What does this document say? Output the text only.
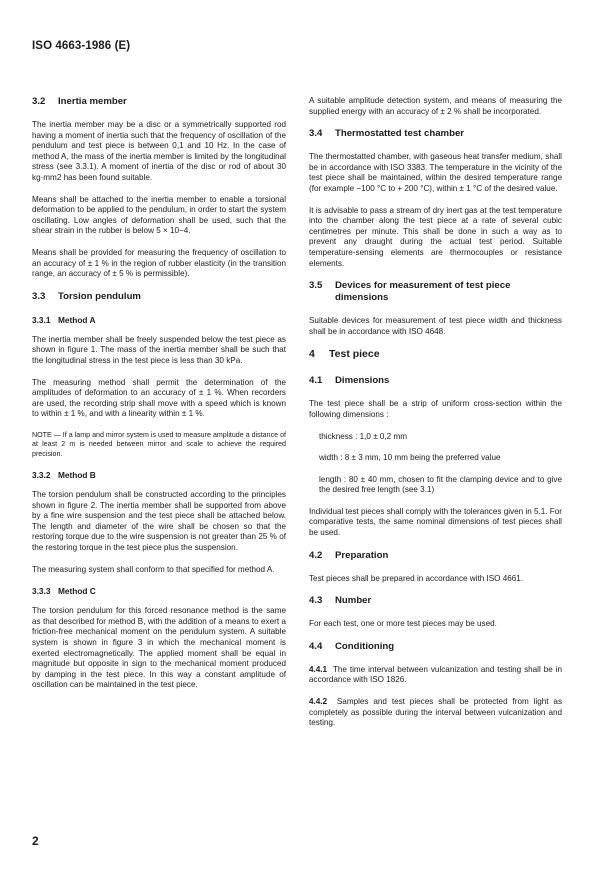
ISO 4663-1986 (E)
3.2 Inertia member

The inertia member may be a disc or a symmetrically supported rod having a moment of inertia such that the frequency of oscillation of the pendulum and test piece is between 0,1 and 10 Hz. In the case of method A, the mass of the inertia member is limited by the longitudinal stress (see 3.3.1). A moment of inertia of the disc or rod of about 30 kg·mm2 has been found suitable.

Means shall be attached to the inertia member to enable a torsional deformation to be applied to the pendulum, in order to start the system oscillating. Low angles of deformation shall be used, such that the shear strain in the rubber is below 5 × 10−4.

Means shall be provided for measuring the frequency of oscillation to an accuracy of ± 1 % in the region of rubber elasticity (in the transition range, an accuracy of ± 5 % is permissible).

3.3 Torsion pendulum
3.3.1 Method A

The inertia member shall be freely suspended below the test piece as shown in figure 1. The mass of the inertia member shall be such that the longitudinal stress in the test piece is less than 30 kPa.

The measuring method shall permit the determination of the amplitudes of deformation to an accuracy of ± 1 %. When recorders are used, the recording strip shall move with a speed which is known to within ± 1 %, and with a linearity within ± 1 %.

NOTE — If a lamp and mirror system is used to measure amplitude a distance of at least 2 m is needed between mirror and scale to achieve the required precision.

3.3.2 Method B

The torsion pendulum shall be constructed according to the principles shown in figure 2. The inertia member shall be supported from above by a fine wire suspension and the test piece shall be attached below. The length and diameter of the wire shall be chosen so that the restoring torque due to the wire suspension is not greater than 25 % of the restoring torque in the test piece plus the suspension.

The measuring system shall conform to that specified for method A.

3.3.3 Method C

The torsion pendulum for this forced resonance method is the same as that described for method B, with the addition of a means to exert a friction-free mechanical moment on the pendulum system. A suitable system is shown in figure 3 in which the mechanical moment is exerted electromagnetically. The applied moment shall be equal in magnitude but opposite in sign to the mechanical moment produced by damping in the test piece. In this way a constant amplitude of oscillation can be maintained in the test piece.

A suitable amplitude detection system, and means of measuring the supplied energy with an accuracy of ± 2 % shall be incorporated.

3.4 Thermostatted test chamber

The thermostatted chamber, with gaseous heat transfer medium, shall be in accordance with ISO 3383. The temperature in the vicinity of the test piece shall be maintained, within the desired temperature range (for example −100 °C to + 200 °C), within ± 1 °C of the desired value.

It is advisable to pass a stream of dry inert gas at the test temperature into the chamber along the test piece at a rate of several cubic centimetres per minute. This shall be done in such a way as to prevent any draught during the actual test period. Suitable temperature-sensing elements are thermocouples or resistance elements.

3.5	Devices for measurement of test piece dimensions

Suitable devices for measurement of test piece width and thickness shall be in accordance with ISO 4648.

4 Test piece
4.1 Dimensions

The test piece shall be a strip of uniform cross-section within the following dimensions :

thickness : 1,0 ± 0,2 mm

width : 8 ± 3 mm, 10 mm being the preferred value

length : 80 ± 40 mm, chosen to fit the clamping device and to give the desired free length (see 3.1)

Individual test pieces shall comply with the tolerances given in 5.1. For comparative tests, the same nominal dimensions of test pieces shall be used.

4.2 Preparation

Test pieces shall be prepared in accordance with ISO 4661.

4.3 Number

For each test, one or more test pieces may be used.

4.4 Conditioning

4.4.1 The time interval between vulcanization and testing shall be in accordance with ISO 1826.

4.4.2 Samples and test pieces shall be protected from light as completely as possible during the interval between vulcanization and testing.

2
